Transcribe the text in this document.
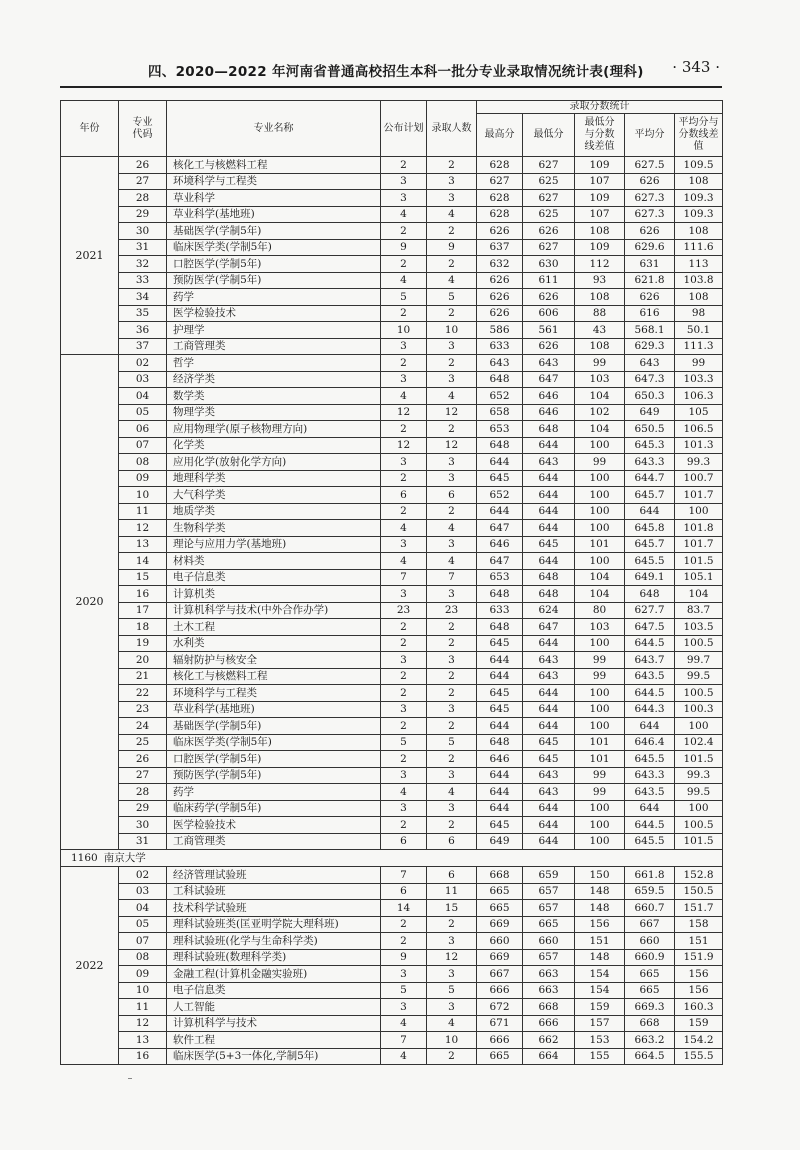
四、2020—2022 年河南省普通高校招生本科一批分专业录取情况统计表(理科) · 343 ·
年份	专业代码	专业名称	公布计划	录取人数	录取分数统计				
					最高分	最低分	最低分与分数线差值	平均分	平均分与分数线差值
2021	26	核化工与核燃料工程	2	2	628	627	109	627.5	109.5
	27	环境科学与工程类	3	3	627	625	107	626	108
	28	草业科学	3	3	628	627	109	627.3	109.3
	29	草业科学(基地班)	4	4	628	625	107	627.3	109.3
	30	基础医学(学制5年)	2	2	626	626	108	626	108
	31	临床医学类(学制5年)	9	9	637	627	109	629.6	111.6
	32	口腔医学(学制5年)	2	2	632	630	112	631	113
	33	预防医学(学制5年)	4	4	626	611	93	621.8	103.8
	34	药学	5	5	626	626	108	626	108
	35	医学检验技术	2	2	626	606	88	616	98
	36	护理学	10	10	586	561	43	568.1	50.1
	37	工商管理类	3	3	633	626	108	629.3	111.3
2020	02	哲学	2	2	643	643	99	643	99
	03	经济学类	3	3	648	647	103	647.3	103.3
	04	数学类	4	4	652	646	104	650.3	106.3
	05	物理学类	12	12	658	646	102	649	105
	06	应用物理学(原子核物理方向)	2	2	653	648	104	650.5	106.5
	07	化学类	12	12	648	644	100	645.3	101.3
	08	应用化学(放射化学方向)	3	3	644	643	99	643.3	99.3
	09	地理科学类	2	3	645	644	100	644.7	100.7
	10	大气科学类	6	6	652	644	100	645.7	101.7
	11	地质学类	2	2	644	644	100	644	100
	12	生物科学类	4	4	647	644	100	645.8	101.8
	13	理论与应用力学(基地班)	3	3	646	645	101	645.7	101.7
	14	材料类	4	4	647	644	100	645.5	101.5
	15	电子信息类	7	7	653	648	104	649.1	105.1
	16	计算机类	3	3	648	648	104	648	104
	17	计算机科学与技术(中外合作办学)	23	23	633	624	80	627.7	83.7
	18	土木工程	2	2	648	647	103	647.5	103.5
	19	水利类	2	2	645	644	100	644.5	100.5
	20	辐射防护与核安全	3	3	644	643	99	643.7	99.7
	21	核化工与核燃料工程	2	2	644	643	99	643.5	99.5
	22	环境科学与工程类	2	2	645	644	100	644.5	100.5
	23	草业科学(基地班)	3	3	645	644	100	644.3	100.3
	24	基础医学(学制5年)	2	2	644	644	100	644	100
	25	临床医学类(学制5年)	5	5	648	645	101	646.4	102.4
	26	口腔医学(学制5年)	2	2	646	645	101	645.5	101.5
	27	预防医学(学制5年)	3	3	644	643	99	643.3	99.3
	28	药学	4	4	644	643	99	643.5	99.5
	29	临床药学(学制5年)	3	3	644	644	100	644	100
	30	医学检验技术	2	2	645	644	100	644.5	100.5
	31	工商管理类	6	6	649	644	100	645.5	101.5
1160 南京大学									
2022	02	经济管理试验班	7	6	668	659	150	661.8	152.8
	03	工科试验班	6	11	665	657	148	659.5	150.5
	04	技术科学试验班	14	15	665	657	148	660.7	151.7
	05	理科试验班类(匡亚明学院大理科班)	2	2	669	665	156	667	158
	07	理科试验班(化学与生命科学类)	2	3	660	660	151	660	151
	08	理科试验班(数理科学类)	9	12	669	657	148	660.9	151.9
	09	金融工程(计算机金融实验班)	3	3	667	663	154	665	156
	10	电子信息类	5	5	666	663	154	665	156
	11	人工智能	3	3	672	668	159	669.3	160.3
	12	计算机科学与技术	4	4	671	666	157	668	159
	13	软件工程	7	10	666	662	153	663.2	154.2
	16	临床医学(5+3一体化,学制5年)	4	2	665	664	155	664.5	155.5
